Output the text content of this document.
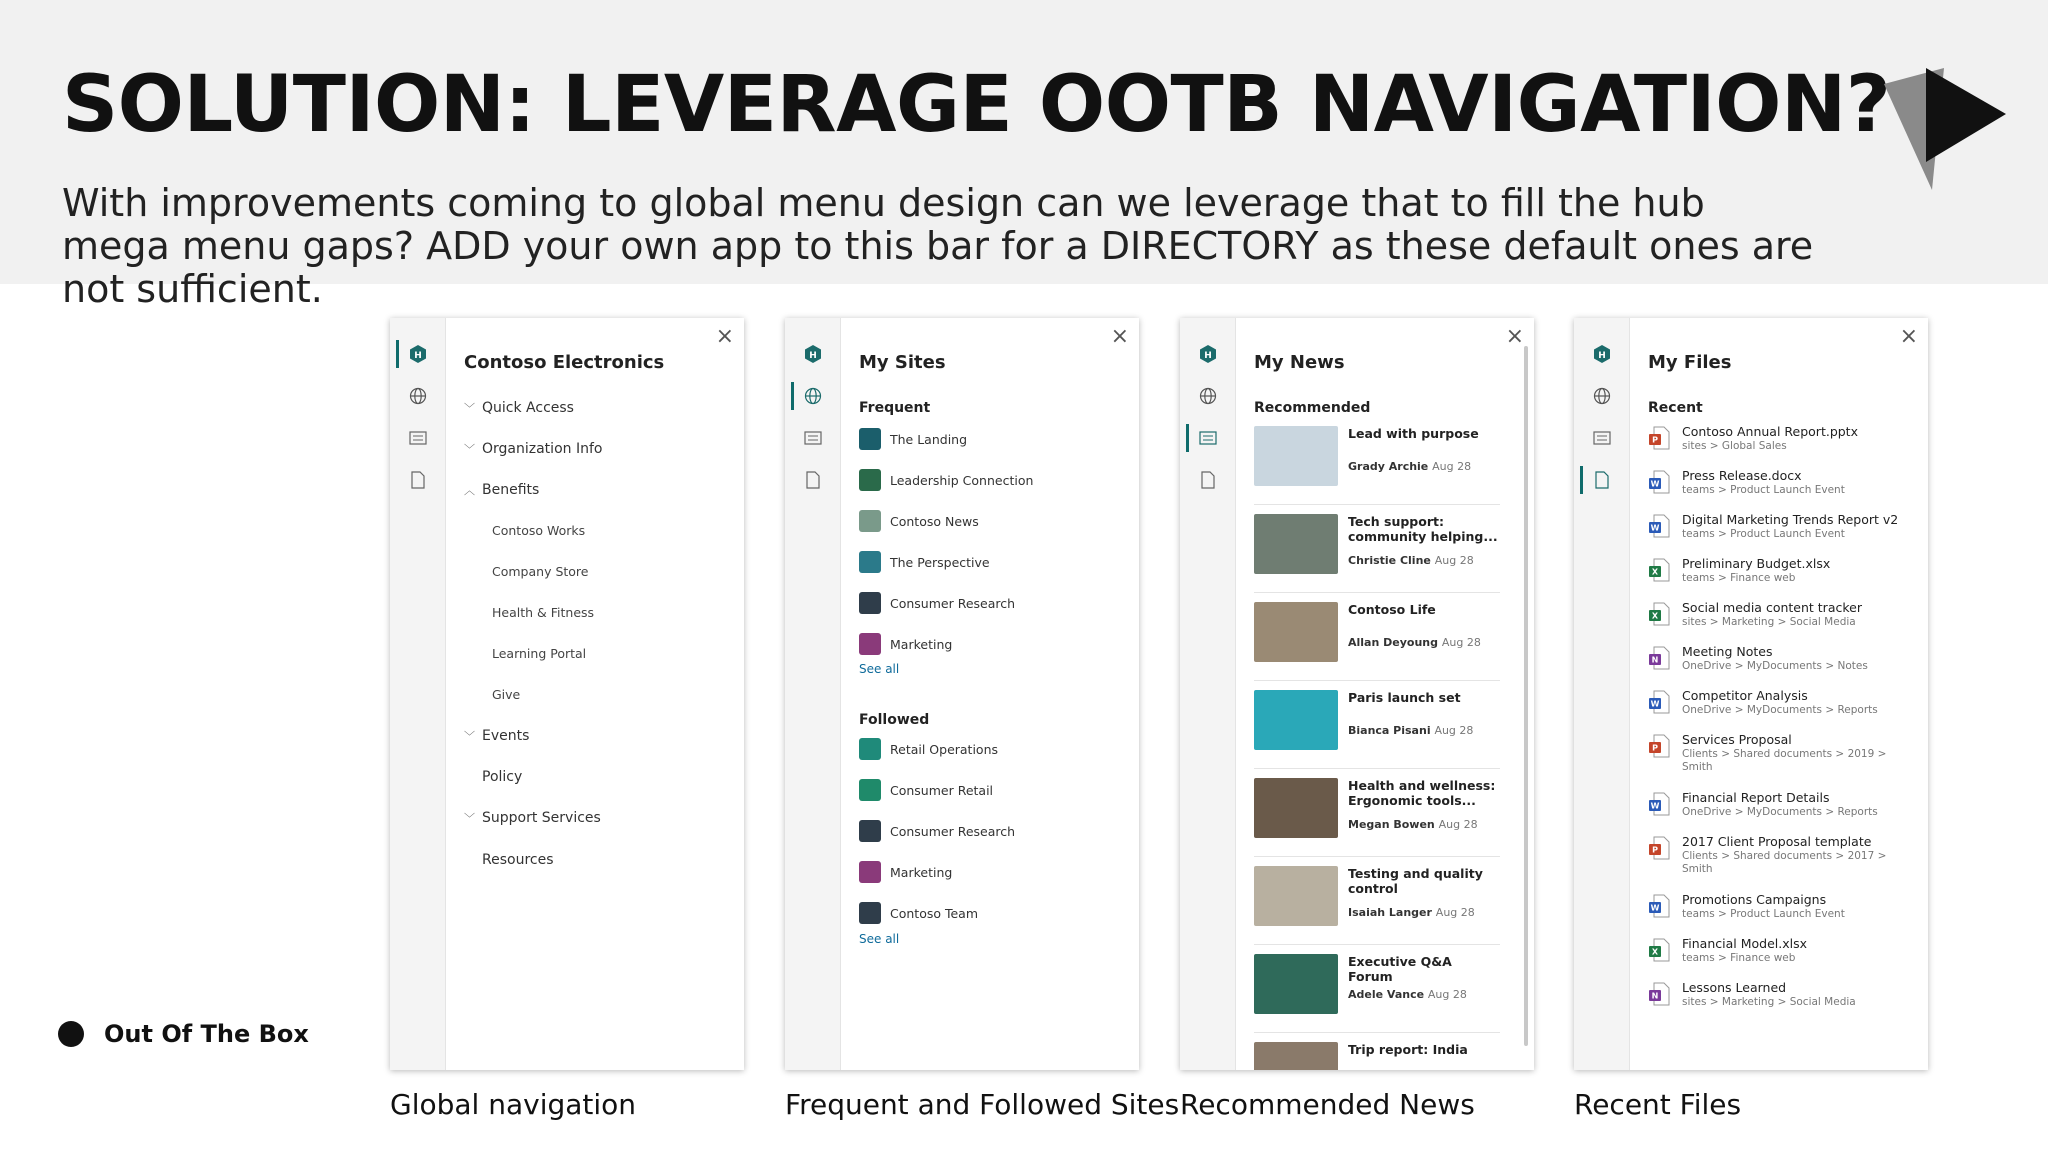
SOLUTION: LEVERAGE OOTB NAVIGATION?
With improvements coming to global menu design can we leverage that to fill the hub mega menu gaps? ADD your own app to this bar for a DIRECTORY as these default ones are not sufficient.
H
×
Contoso Electronics
﹀ Quick Access
﹀ Organization Info
︿ Benefits
Contoso Works
Company Store
Health & Fitness
Learning Portal
Give
﹀ Events
Policy
﹀ Support Services
Resources
H
×
My Sites
Frequent
The Landing
Leadership Connection
Contoso News
The Perspective
Consumer Research
Marketing
See all
Followed
Retail Operations
Consumer Retail
Consumer Research
Marketing
Contoso Team
See all
H
×
My News
Recommended
Lead with purpose
Grady Archie Aug 28
Tech support: community helping...
Christie Cline Aug 28
Contoso Life
Allan Deyoung Aug 28
Paris launch set
Bianca Pisani Aug 28
Health and wellness: Ergonomic tools...
Megan Bowen Aug 28
Testing and quality control
Isaiah Langer Aug 28
Executive Q&A Forum
Adele Vance Aug 28
Trip report: India
H
×
My Files
Recent
P
Contoso Annual Report.pptx
sites > Global Sales
W
Press Release.docx
teams > Product Launch Event
W
Digital Marketing Trends Report v2
teams > Product Launch Event
X
Preliminary Budget.xlsx
teams > Finance web
X
Social media content tracker
sites > Marketing > Social Media
N
Meeting Notes
OneDrive > MyDocuments > Notes
W
Competitor Analysis
OneDrive > MyDocuments > Reports
P
Services Proposal
Clients > Shared documents > 2019 > Smith
W
Financial Report Details
OneDrive > MyDocuments > Reports
P
2017 Client Proposal template
Clients > Shared documents > 2017 > Smith
W
Promotions Campaigns
teams > Product Launch Event
X
Financial Model.xlsx
teams > Finance web
N
Lessons Learned
sites > Marketing > Social Media
Global navigation	Frequent and Followed Sites Recommended News	Recent Files
Out Of The Box
